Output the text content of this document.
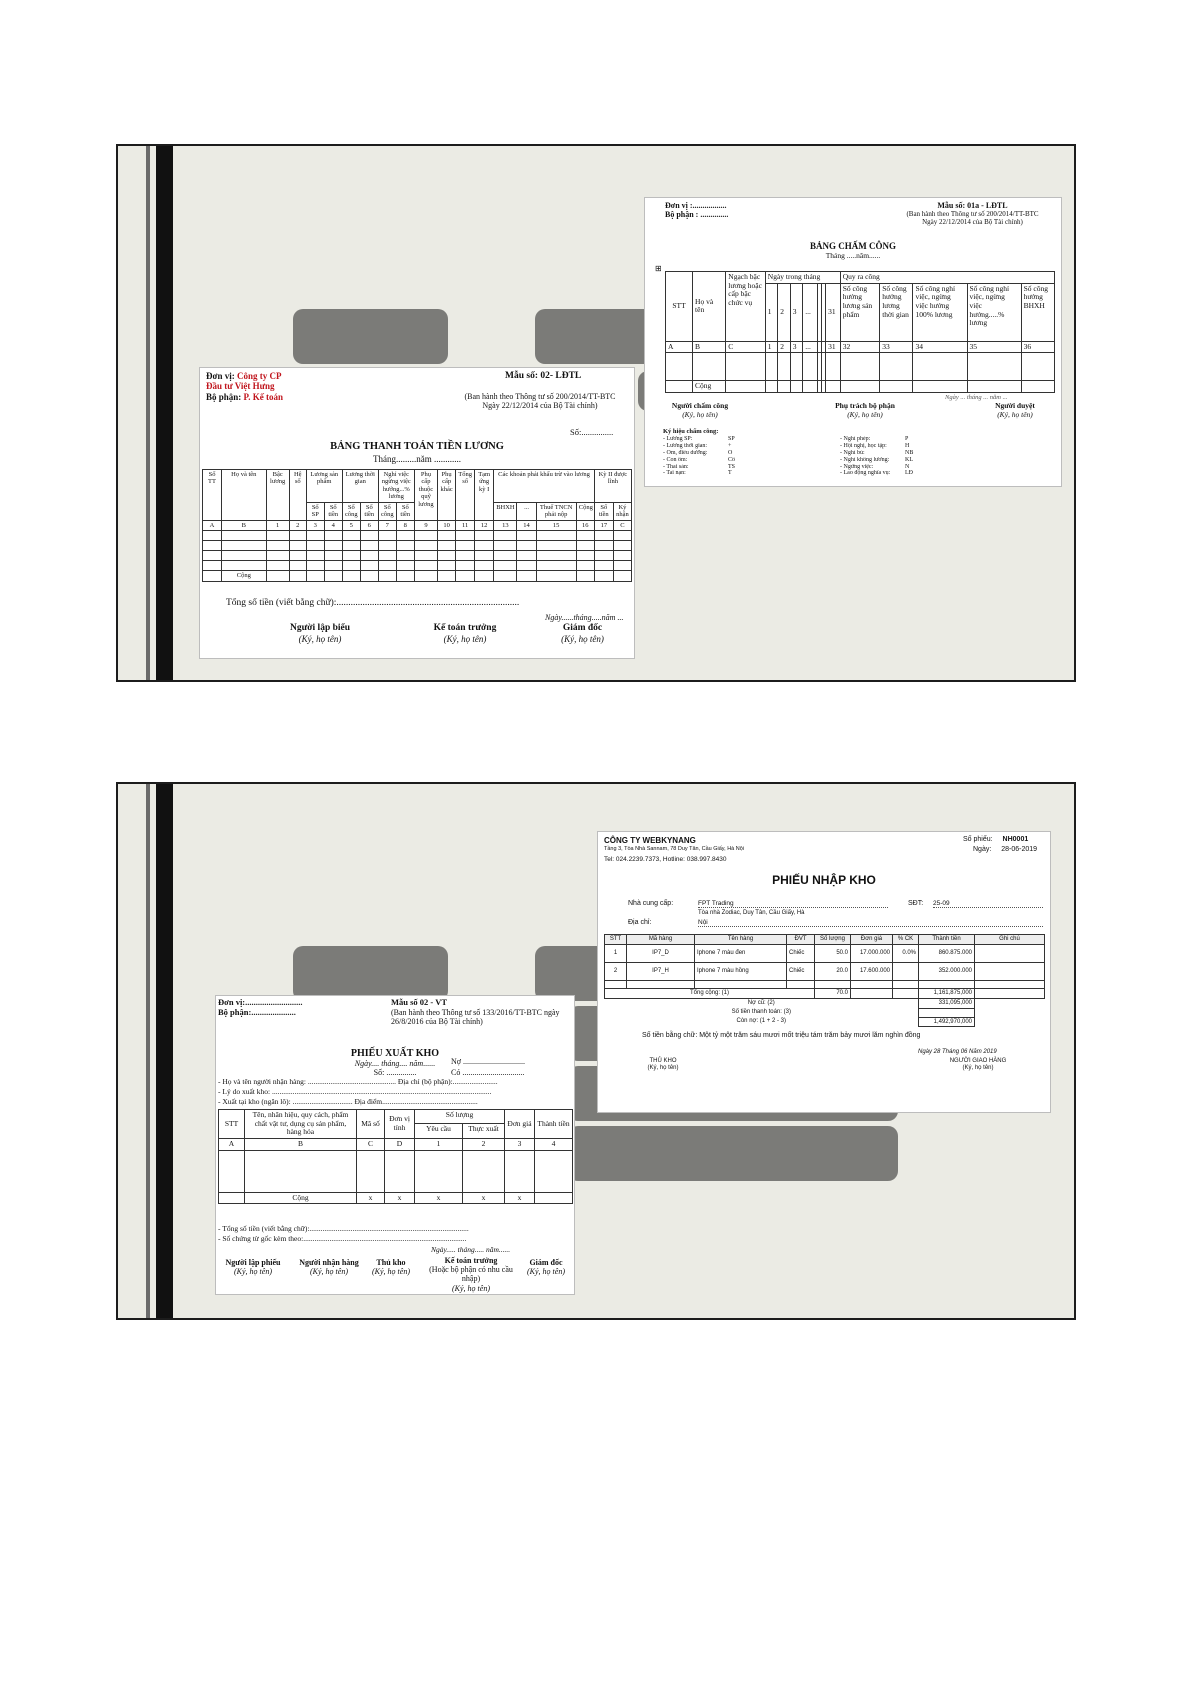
Đơn vị: Công ty CP
Đầu tư Việt Hưng
Bộ phận: P. Kế toán
Mẫu số: 02- LĐTL
(Ban hành theo Thông tư số 200/2014/TT-BTC
Ngày 22/12/2014 của Bộ Tài chính)
Số:...............
BẢNG THANH TOÁN TIỀN LƯƠNG
Tháng.........năm ............
Số TT	Họ và tên	Bậc lương	Hệ số	Lương sản phẩm		Lương thời gian		Nghỉ việc ngừng việc hưởng...% lương		Phụ cấp thuộc quỹ lương	Phụ cấp khác	Tổng số	Tạm ứng kỳ I	Các khoản phải khấu trừ vào lương				Kỳ II được lĩnh	
				Số SP	Số tiền	Số công	Số tiền	Số công	Số tiền					BHXH	...	Thuế TNCN phải nộp	Cộng	Số tiền	Ký nhận
A	B	1	2	3	4	5	6	7	8	9	10	11	12	13	14	15	16	17	C

	Cộng																		
Tổng số tiền (viết bằng chữ):.............................................................................
Ngày......tháng.....năm ...
Người lập biểu
(Ký, họ tên)
Kế toán trưởng
(Ký, họ tên)
Giám đốc
(Ký, họ tên)
Đơn vị :.................
Bộ phận : ..............
Mẫu số: 01a - LĐTL
(Ban hành theo Thông tư số 200/2014/TT-BTC
Ngày 22/12/2014 của Bộ Tài chính)
BẢNG CHẤM CÔNG
Tháng .....năm......
⊞
STT	Họ và tên	Ngạch bậc lương hoặc cấp bậc chức vụ	Ngày trong tháng							Quy ra công				
			1	2	3	...			31	Số công hưởng lương sản phẩm	Số công hưởng lương thời gian	Số công nghỉ việc, ngừng việc hưởng 100% lương	Số công nghỉ việc, ngừng việc hưởng.....% lương	Số công hưởng BHXH
A	B	C	1	2	3	...			31	32	33	34	35	36

	Cộng													
Ngày ... tháng ... năm ...
Người chấm công
(Ký, họ tên)
Phụ trách bộ phận
(Ký, họ tên)
Người duyệt
(Ký, họ tên)
Ký hiệu chấm công:
- Lương SP:	SP
- Lương thời gian:	+
- Ốm, điều dưỡng:	Ô
- Con ốm:	Cô
- Thai sản:	TS
- Tai nạn:	T
- Nghỉ phép:	P
- Hội nghị, học tập:	H
- Nghỉ bù:	NB
- Nghỉ không lương:	KL
- Ngừng việc:	N
- Lao động nghĩa vụ:	LĐ
Đơn vị:...........................
Bộ phận:.....................
Mẫu số 02 - VT
(Ban hành theo Thông tư số 133/2016/TT-BTC ngày 26/8/2016 của Bộ Tài chính)
PHIẾU XUẤT KHO
Ngày.... tháng.... năm......
Số: ...............
Nợ ...............................
Có ...............................
- Họ và tên người nhận hàng: ............................................... Địa chỉ (bộ phận):........................
- Lý do xuất kho: .....................................................................................................................
- Xuất tại kho (ngăn lô): ................................ Địa điểm...................................................
STT	Tên, nhãn hiệu, quy cách, phẩm chất vật tư, dụng cụ sản phẩm, hàng hóa	Mã số	Đơn vị tính	Số lượng		Đơn giá	Thành tiền
				Yêu cầu	Thực xuất		
A	B	C	D	1	2	3	4

	Cộng	x	x	x	x	x	
- Tổng số tiền (viết bằng chữ):.....................................................................................
- Số chứng từ gốc kèm theo:.......................................................................................
Ngày..... tháng..... năm......
Người lập phiếu
(Ký, họ tên)
Người nhận hàng
(Ký, họ tên)
Thủ kho
(Ký, họ tên)
Kế toán trưởng
(Hoặc bộ phận có nhu cầu nhập)
(Ký, họ tên)
Giám đốc
(Ký, họ tên)
CÔNG TY WEBKYNANG
Tầng 3, Tòa Nhà Sannam, 78 Duy Tân, Cầu Giấy, Hà Nội
Tel: 024.2239.7373, Hotline: 038.997.8430
Số phiếu: NH0001
Ngày: 28-06-2019
PHIẾU NHẬP KHO
Nhà cung cấp:	FPT Trading	SĐT: 25-09
Tòa nhà Zodiac, Duy Tân, Cầu Giấy, Hà
Địa chỉ:	Nội
STT	Mã hàng	Tên hàng	ĐVT	Số lượng	Đơn giá	% CK	Thành tiền	Ghi chú
1	IP7_D	Iphone 7 màu đen	Chiếc	50.0	17.000.000	0.0%	860.875.000	
2	IP7_H	Iphone 7 màu hồng	Chiếc	20.0	17.600.000		352.000.000	

Tổng cộng: (1)				70.0			1,161,875,000	
Nợ cũ: (2)							331,095,000	
Số tiền thanh toán: (3)								
Còn nợ: (1 + 2 - 3)							1,492,970,000	
Số tiền bằng chữ: Một tỷ một trăm sáu mươi mốt triệu tám trăm bảy mươi lăm nghìn đồng
Ngày 28 Tháng 06 Năm 2019
THỦ KHO
(Ký, họ tên)
NGƯỜI GIAO HÀNG
(Ký, họ tên)
